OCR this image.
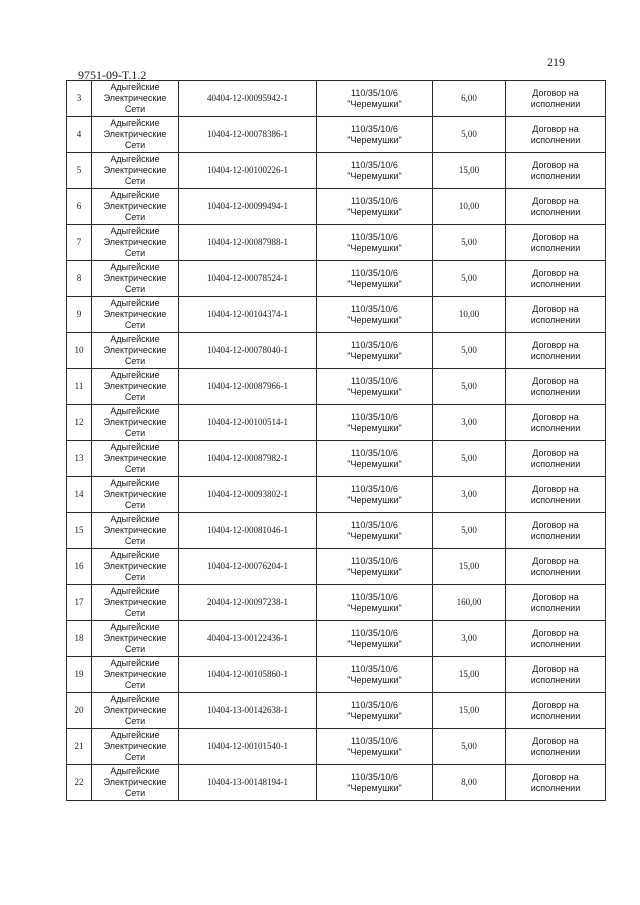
219
9751-09-T.1.2
3	Адыгейские
Электрические
Сети	40404-12-00095942-1	110/35/10/6
"Черемушки"	6,00	Договор на
исполнении

4	Адыгейские
Электрические
Сети	10404-12-00078386-1	110/35/10/6
"Черемушки"	5,00	Договор на
исполнении

5	Адыгейские
Электрические
Сети	10404-12-00100226-1	110/35/10/6
"Черемушки"	15,00	Договор на
исполнении

6	Адыгейские
Электрические
Сети	10404-12-00099494-1	110/35/10/6
"Черемушки"	10,00	Договор на
исполнении

7	Адыгейские
Электрические
Сети	10404-12-00087988-1	110/35/10/6
"Черемушки"	5,00	Договор на
исполнении

8	Адыгейские
Электрические
Сети	10404-12-00078524-1	110/35/10/6
"Черемушки"	5,00	Договор на
исполнении

9	Адыгейские
Электрические
Сети	10404-12-00104374-1	110/35/10/6
"Черемушки"	10,00	Договор на
исполнении

10	Адыгейские
Электрические
Сети	10404-12-00078040-1	110/35/10/6
"Черемушки"	5,00	Договор на
исполнении

11	Адыгейские
Электрические
Сети	10404-12-00087966-1	110/35/10/6
"Черемушки"	5,00	Договор на
исполнении

12	Адыгейские
Электрические
Сети	10404-12-00100514-1	110/35/10/6
"Черемушки"	3,00	Договор на
исполнении

13	Адыгейские
Электрические
Сети	10404-12-00087982-1	110/35/10/6
"Черемушки"	5,00	Договор на
исполнении

14	Адыгейские
Электрические
Сети	10404-12-00093802-1	110/35/10/6
"Черемушки"	3,00	Договор на
исполнении

15	Адыгейские
Электрические
Сети	10404-12-00081046-1	110/35/10/6
"Черемушки"	5,00	Договор на
исполнении

16	Адыгейские
Электрические
Сети	10404-12-00076204-1	110/35/10/6
"Черемушки"	15,00	Договор на
исполнении

17	Адыгейские
Электрические
Сети	20404-12-00097238-1	110/35/10/6
"Черемушки"	160,00	Договор на
исполнении

18	Адыгейские
Электрические
Сети	40404-13-00122436-1	110/35/10/6
"Черемушки"	3,00	Договор на
исполнении

19	Адыгейские
Электрические
Сети	10404-12-00105860-1	110/35/10/6
"Черемушки"	15,00	Договор на
исполнении

20	Адыгейские
Электрические
Сети	10404-13-00142638-1	110/35/10/6
"Черемушки"	15,00	Договор на
исполнении

21	Адыгейские
Электрические
Сети	10404-12-00101540-1	110/35/10/6
"Черемушки"	5,00	Договор на
исполнении

22	Адыгейские
Электрические
Сети	10404-13-00148194-1	110/35/10/6
"Черемушки"	8,00	Договор на
исполнении
